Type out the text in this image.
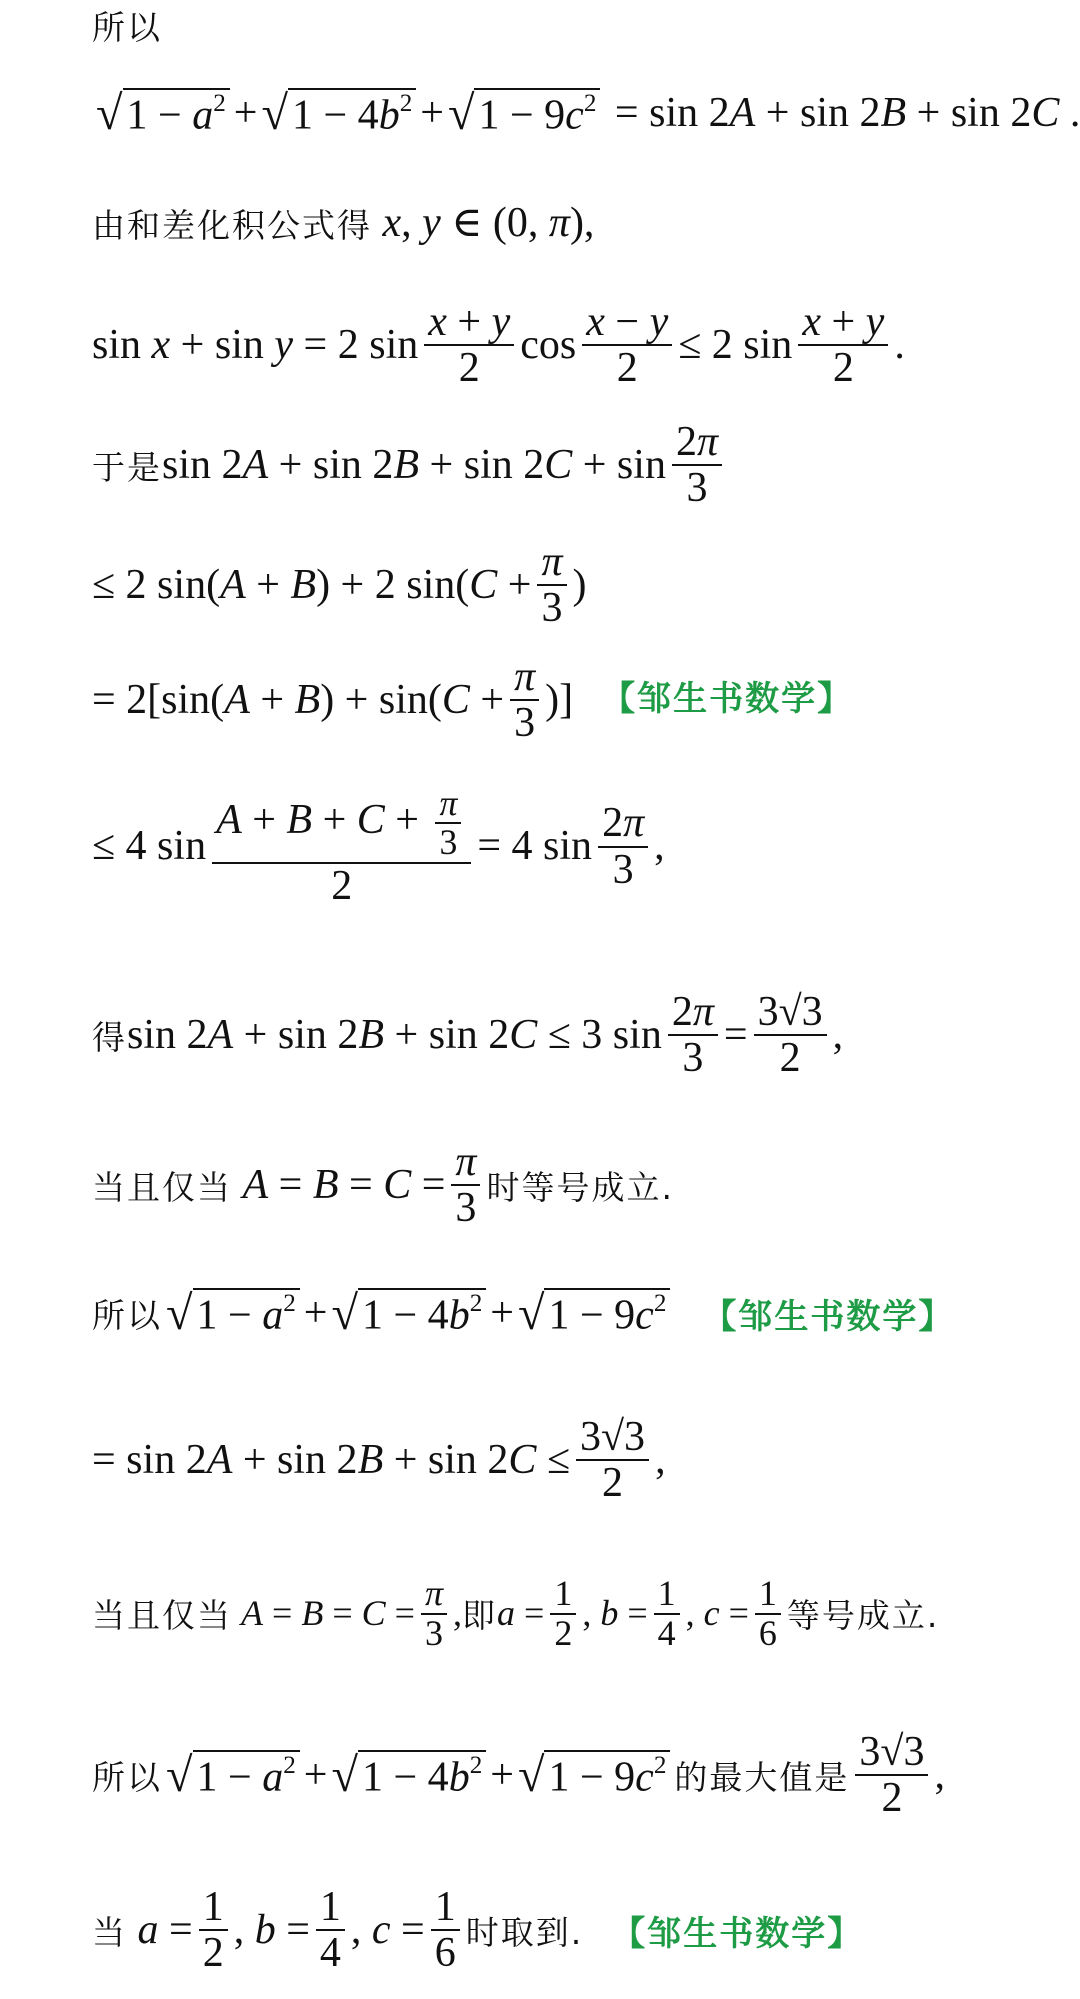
所以
√ $1 - a^2$ + √ $1 - 4b^2$ + √ $1 - 9c^2 = \sin 2A + \sin 2B + \sin 2C$ .
由和差化积公式得 x, y ∈ (0, π),
sin x + sin y = 2 $\sin \frac{x + y}{2}$ $\cos \frac{x - y}{2} \le 2$ $\sin \frac{x + y}{2}$ .
于是 $\sin 2A + \sin 2B + \sin 2C + \sin \frac{2\pi}{3}$
≤ 2 sin(A + B) + 2 $\sin(C + \frac{\pi}{3}$ )
= $2[\sin(A + B) + \sin(C + \frac{\pi}{3}$ )] 【邹生书数学】
≤ 4 $\sin \frac{A + B + C + \frac{\pi}{3}}{2} = 4$ $\sin \frac{2\pi}{3}$ ,
得 sin 2A + sin 2B + sin 2C ≤ 3 $\sin \frac{2\pi}{3} = \frac{3√3}{2}$ ,
当且仅当 $A = B = C = \frac{\pi}{3}$ 时等号成立.
所以 √ $1 - a^2$ + √ $1 - 4b^2$ + √ $1 - 9c^2$ 【邹生书数学】
= $\sin 2A + \sin 2B + \sin 2C \le \frac{3√3}{2}$ ,
当且仅当 $A = B = C = \frac{\pi}{3}$ , 即 $a = \frac{1}{2}$ , $b = \frac{1}{4}$ , $c = \frac{1}{6}$ 等号成立.
所以 √ $1 - a^2$ + √ $1 - 4b^2$ + √ $1 - 9c^2$ 的最大值是 $\frac{3√3}{2}$ ,
当 $a = \frac{1}{2}$ , $b = \frac{1}{4}$ , $c = \frac{1}{6}$ 时取到. 【邹生书数学】
